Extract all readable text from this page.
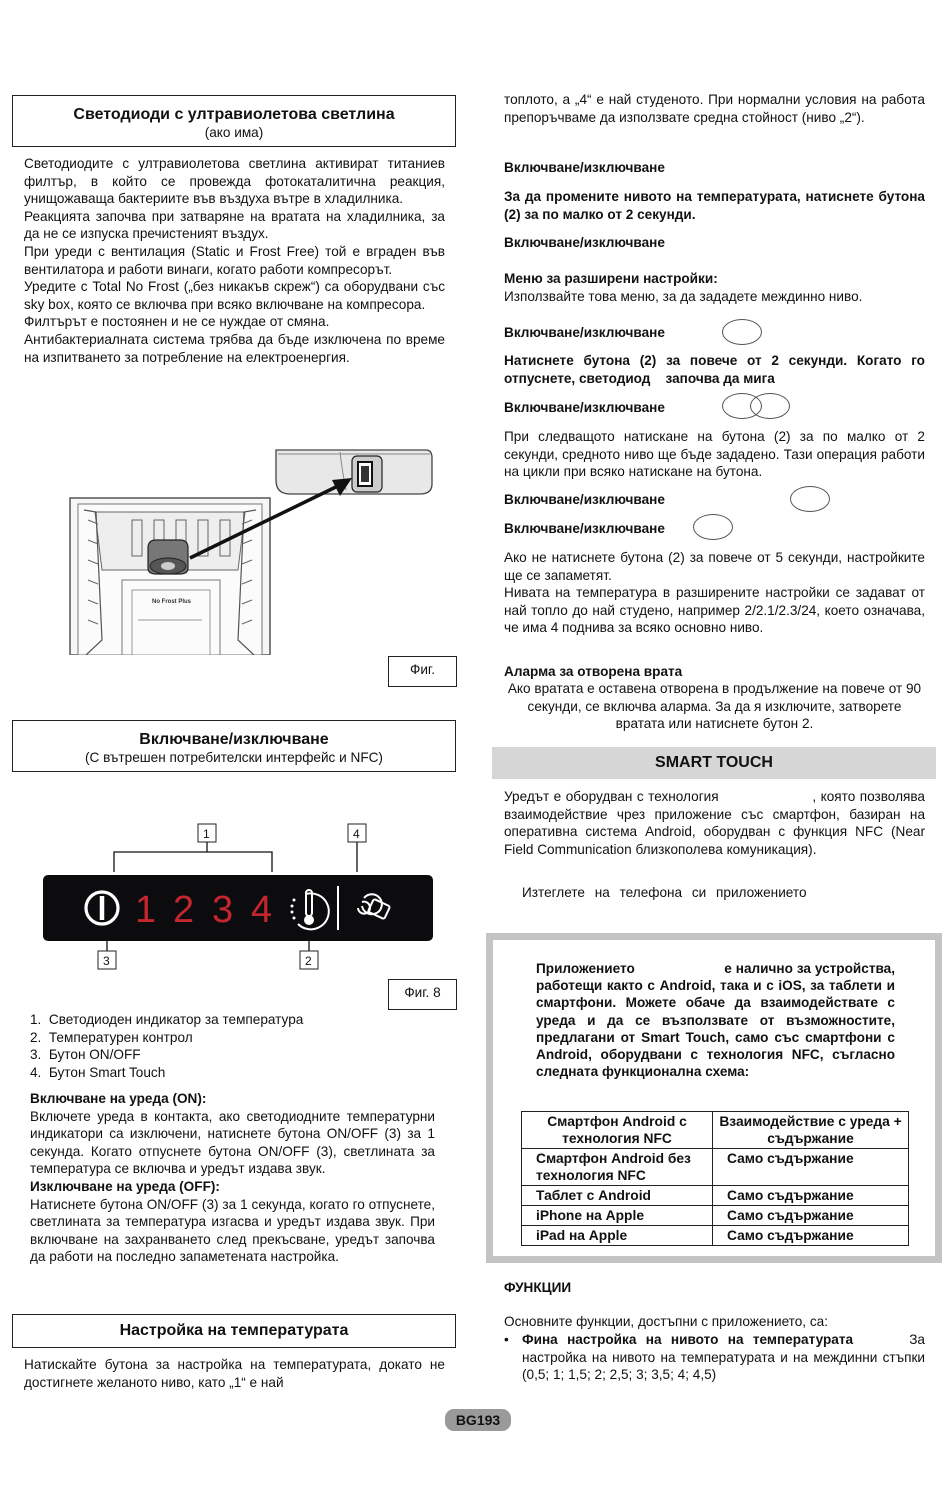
Светодиоди с ултравиолетова светлина
(ако има)

Светодиодите с ултравиолетова светлина активират титаниев филтър, в който се провежда фотокаталитична реакция, унищожаваща бактериите във въздуха вътре в хладилника.

Реакцията започва при затваряне на вратата на хладилника, за да не се изпуска пречистеният въздух.

При уреди с вентилация (Static и Frost Free) той е вграден във вентилатора и работи винаги, когато работи компресорът.

Уредите с Total No Frost („без никакъв скреж“) са оборудвани със sky box, която се включва при всяко включване на компресора.

Филтърът е постоянен и не се нуждае от смяна.

Антибактериалната система трябва да бъде изключена по време на изпитването за потребление на електроенергия.

No Frost Plus
Фиг.
Включване/изключване
(С вътрешен потребителски интерфейс и NFC)
1	4
1 2 3 4
3	2
Фиг. 8
1.  Светодиоден индикатор за температура
2.  Температурен контрол
3.  Бутон ON/OFF
4.  Бутон Smart Touch
Включване на уреда (ON):

Включете уреда в контакта, ако светодиодните температурни индикатори са изключени, натиснете бутона ON/OFF (3) за 1 секунда. Когато отпуснете бутона ON/OFF (3), светлината за температура се включва и уредът издава звук.

Изключване на уреда (OFF):

Натиснете бутона ON/OFF (3) за 1 секунда, когато го отпуснете, светлината за температура изгасва и уредът издава звук. При включване на захранването след прекъсване, уредът започва да работи на последно запаметената настройка.

Настройка на температурата

Натискайте бутона за настройка на температурата, докато не достигнете желаното ниво, като „1“ е най

топлото, а „4“ е най студеното. При нормални условия на работа препоръчваме да използвате средна стойност (ниво „2“).

Включване/изключване

За да промените нивото на температурата, натиснете бутона (2) за по малко от 2 секунди.

Включване/изключване
Меню за разширени настройки:
Използвайте това меню, за да зададете междинно ниво.
Включване/изключване

Натиснете бутона (2) за повече от 2 секунди. Когато го отпуснете, светодиод    започва да мига

Включване/изключване

При следващото натискане на бутона (2) за по малко от 2 секунди, средното ниво ще бъде зададено. Тази операция работи на цикли при всяко натискане на бутона.

Включване/изключване
Включване/изключване

Ако не натиснете бутона (2) за повече от 5 секунди, настройките ще се запаметят.

Нивата на температура в разширените настройки се задават от най топло до най студено, например 2/2.1/2.3/24, което означава, че има 4 поднива за всяко основно ниво.

Аларма за отворена врата

Ако вратата е оставена отворена в продължение на повече от 90 секунди, се включва аларма. За да я изключите, затворете вратата или натиснете бутон 2.

SMART TOUCH

Уредът е оборудван с технология                     , която позволява взаимодействие чрез приложение със смартфон, базиран на оперативна система Android, оборудван с функция NFC (Near Field Communication близкополева комуникация).

Изтеглете на телефона си приложението

Приложението                       е налично за устройства, работещи както с Android, така и с iOS, за таблети и смартфони. Можете обаче да взаимодействате с уреда и да се възползвате от възможностите, предлагани от Smart Touch, само със смартфони с Android, оборудвани с технология NFC, съгласно следната функционална схема:

Смартфон Android с технология NFC	Взаимодействие с уреда + съдържание
Смартфон Android без технология NFC	Само съдържание
Таблет с Android	Само съдържание
iPhone на Apple	Само съдържание
iPad на Apple	Само съдържание
ФУНКЦИИ
Основните функции, достъпни с приложението, са:
• Фина настройка на нивото на температурата	За настройка на нивото на температурата и на междинни стъпки (0,5; 1; 1,5; 2; 2,5; 3; 3,5; 4; 4,5)

BG193
